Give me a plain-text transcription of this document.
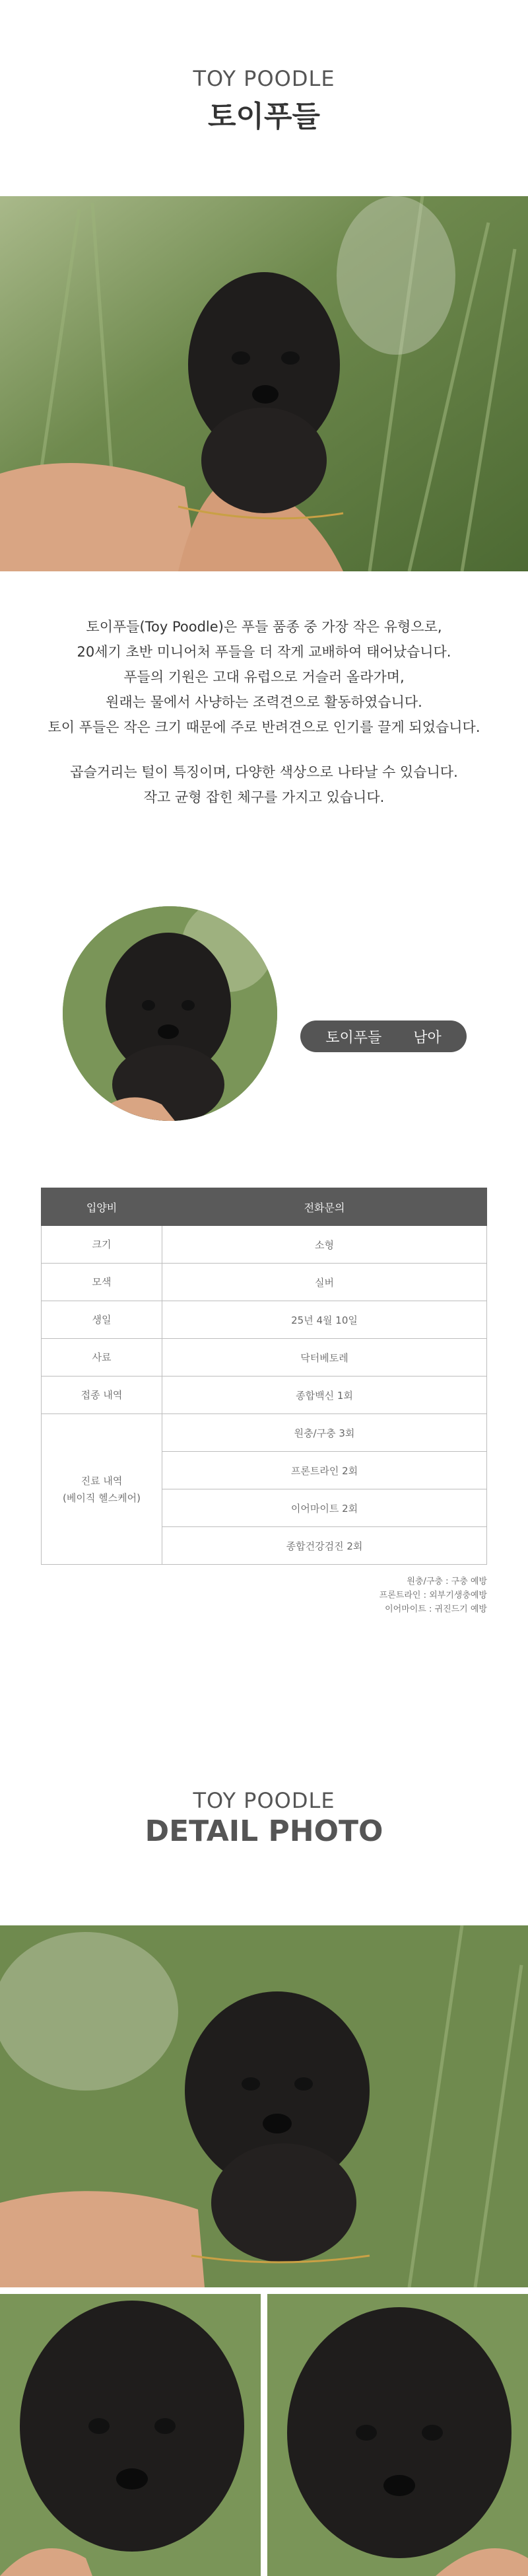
TOY POODLE
토이푸들

토이푸들(Toy Poodle)은 푸들 품종 중 가장 작은 유형으로,

20세기 초반 미니어처 푸들을 더 작게 교배하여 태어났습니다.

푸들의 기원은 고대 유럽으로 거슬러 올라가며,

원래는 물에서 사냥하는 조력견으로 활동하였습니다.

토이 푸들은 작은 크기 때문에 주로 반려견으로 인기를 끌게 되었습니다.

곱슬거리는 털이 특징이며, 다양한 색상으로 나타날 수 있습니다.

작고 균형 잡힌 체구를 가지고 있습니다.

토이푸들 남아
입양비	전화문의
크기	소형
모색	실버
생일	25년 4월 10일
사료	닥터베토레
접종 내역	종합백신 1회
진료 내역
(베이직 헬스케어)	원충/구충 3회
	프론트라인 2회
	이어마이트 2회
	종합건강검진 2회
원충/구충 : 구충 예방
프론트라인 : 외부기생충예방
이어마이트 : 귀진드기 예방
TOY POODLE
DETAIL PHOTO
